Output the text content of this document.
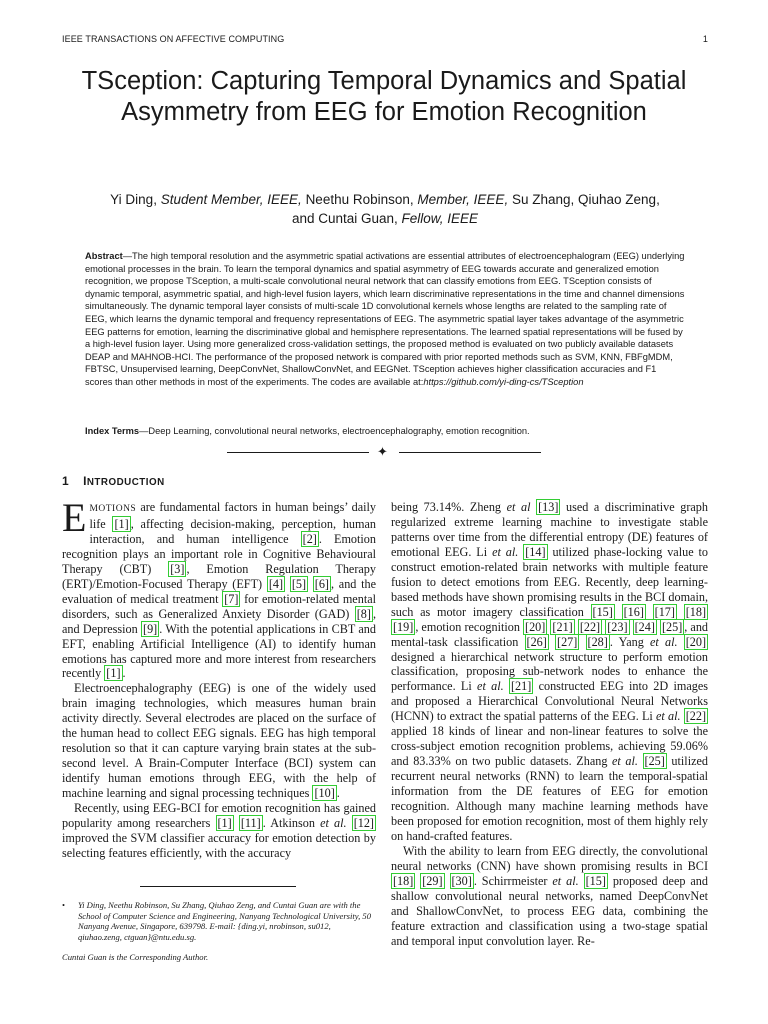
IEEE TRANSACTIONS ON AFFECTIVE COMPUTING	1
TSception: Capturing Temporal Dynamics and Spatial Asymmetry from EEG for Emotion Recognition
Yi Ding, Student Member, IEEE, Neethu Robinson, Member, IEEE, Su Zhang, Qiuhao Zeng,
and Cuntai Guan, Fellow, IEEE
Abstract—The high temporal resolution and the asymmetric spatial activations are essential attributes of electroencephalogram (EEG) underlying emotional processes in the brain. To learn the temporal dynamics and spatial asymmetry of EEG towards accurate and generalized emotion recognition, we propose TSception, a multi-scale convolutional neural network that can classify emotions from EEG. TSception consists of dynamic temporal, asymmetric spatial, and high-level fusion layers, which learn discriminative representations in the time and channel dimensions simultaneously. The dynamic temporal layer consists of multi-scale 1D convolutional kernels whose lengths are related to the sampling rate of EEG, which learns the dynamic temporal and frequency representations of EEG. The asymmetric spatial layer takes advantage of the asymmetric EEG patterns for emotion, learning the discriminative global and hemisphere representations. The learned spatial representations will be fused by a high-level fusion layer. Using more generalized cross-validation settings, the proposed method is evaluated on two publicly available datasets DEAP and MAHNOB-HCI. The performance of the proposed network is compared with prior reported methods such as SVM, KNN, FBFgMDM, FBTSC, Unsupervised learning, DeepConvNet, ShallowConvNet, and EEGNet. TSception achieves higher classification accuracies and F1 scores than other methods in most of the experiments. The codes are available at:https://github.com/yi-ding-cs/TSception
Index Terms—Deep Learning, convolutional neural networks, electroencephalography, emotion recognition.
✦
1 INTRODUCTION

EMOTIONS are fundamental factors in human beings’ daily life [1] , affecting decision-making, perception, human interaction, and human intelligence [2] . Emotion recognition plays an important role in Cognitive Behavioural Therapy (CBT) [3] , Emotion Regulation Therapy (ERT)/Emotion-Focused Therapy (EFT) [4] [5] [6] , and the evaluation of medical treatment [7] for emotion-related mental disorders, such as Generalized Anxiety Disorder (GAD) [8] , and Depression [9] . With the potential applications in CBT and EFT, enabling Artificial Intelligence (AI) to identify human emotions has captured more and more interest from researchers recently [1] .

Electroencephalography (EEG) is one of the widely used brain imaging technologies, which measures human brain activity directly. Several electrodes are placed on the surface of the human head to collect EEG signals. EEG has high temporal resolution so that it can capture varying brain states at the sub-second level. A Brain-Computer Interface (BCI) system can identify human emotions through EEG, with the help of machine learning and signal processing techniques [10] .

Recently, using EEG-BCI for emotion recognition has gained popularity among researchers [1] [11] . Atkinson et al. [12] improved the SVM classifier accuracy for emotion detection by selecting features efficiently, with the accuracy

being 73.14%. Zheng et al [13] used a discriminative graph regularized extreme learning machine to investigate stable patterns over time from the differential entropy (DE) features of emotional EEG. Li et al. [14] utilized phase-locking value to construct emotion-related brain networks with multiple feature fusion to detect emotions from EEG. Recently, deep learning-based methods have shown promising results in the BCI domain, such as motor imagery classification [15] [16] [17] [18] [19] , emotion recognition [20] [21] [22] [23] [24] [25] , and mental-task classification [26] [27] [28] . Yang et al. [20] designed a hierarchical network structure to perform emotion classification, proposing sub-network nodes to enhance the performance. Li et al. [21] constructed EEG into 2D images and proposed a Hierarchical Convolutional Neural Networks (HCNN) to extract the spatial patterns of the EEG. Li et al. [22] applied 18 kinds of linear and non-linear features to solve the cross-subject emotion recognition problems, achieving 59.06% and 83.33% on two public datasets. Zhang et al. [25] utilized recurrent neural networks (RNN) to learn the temporal-spatial information from the DE features of EEG for emotion recognition. Although many machine learning methods have been proposed for emotion recognition, most of them highly rely on hand-crafted features.

With the ability to learn from EEG directly, the convolutional neural networks (CNN) have shown promising results in BCI [18] [29] [30] . Schirrmeister et al. [15] proposed deep and shallow convolutional neural networks, named DeepConvNet and ShallowConvNet, to process EEG data, combining the feature extraction and classification using a two-stage spatial and temporal input convolution layer. Re-

• Yi Ding, Neethu Robinson, Su Zhang, Qiuhao Zeng, and Cuntai Guan are with the School of Computer Science and Engineering, Nanyang Technological University, 50 Nanyang Avenue, Singapore, 639798. E-mail: {ding.yi, nrobinson, su012, qiuhao.zeng, ctguan}@ntu.edu.sg.
Cuntai Guan is the Corresponding Author.
